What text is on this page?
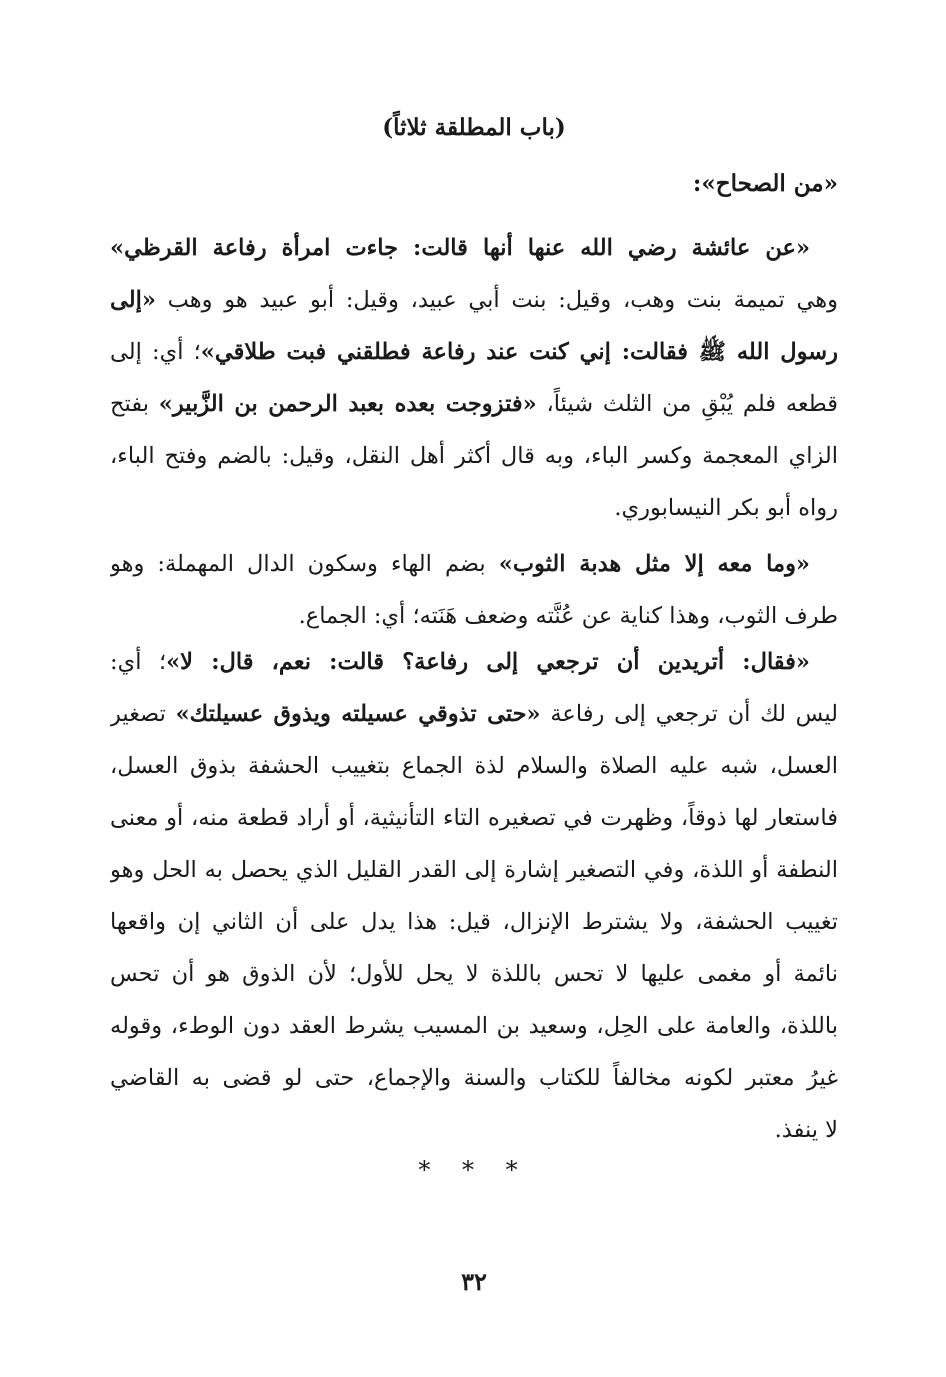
(باب المطلقة ثلاثاً)
«من الصحاح»:
«عن عائشة رضي الله عنها أنها قالت: جاءت امرأة رفاعة القرظي»
وهي تميمة بنت وهب، وقيل: بنت أبي عبيد، وقيل: أبو عبيد هو وهب «إلى
رسول الله ﷺ فقالت: إني كنت عند رفاعة فطلقني فبت طلاقي»؛ أي: إلى
قطعه فلم يُبْقِ من الثلث شيئاً، «فتزوجت بعده بعبد الرحمن بن الزَّبير» بفتح
الزاي المعجمة وكسر الباء، وبه قال أكثر أهل النقل، وقيل: بالضم وفتح الباء،
رواه أبو بكر النيسابوري.
«وما معه إلا مثل هدبة الثوب» بضم الهاء وسكون الدال المهملة: وهو
طرف الثوب، وهذا كناية عن عُنَّته وضعف هَنَته؛ أي: الجماع.
«فقال: أتريدين أن ترجعي إلى رفاعة؟ قالت: نعم، قال: لا»؛ أي:
ليس لك أن ترجعي إلى رفاعة «حتى تذوقي عسيلته ويذوق عسيلتك» تصغير
العسل، شبه عليه الصلاة والسلام لذة الجماع بتغييب الحشفة بذوق العسل،
فاستعار لها ذوقاً، وظهرت في تصغيره التاء التأنيثية، أو أراد قطعة منه، أو معنى
النطفة أو اللذة، وفي التصغير إشارة إلى القدر القليل الذي يحصل به الحل وهو
تغييب الحشفة، ولا يشترط الإنزال، قيل: هذا يدل على أن الثاني إن واقعها
نائمة أو مغمى عليها لا تحس باللذة لا يحل للأول؛ لأن الذوق هو أن تحس
باللذة، والعامة على الحِل، وسعيد بن المسيب يشرط العقد دون الوطء، وقوله
غيرُ معتبر لكونه مخالفاً للكتاب والسنة والإجماع، حتى لو قضى به القاضي
لا ينفذ.
* * *
٣٢
